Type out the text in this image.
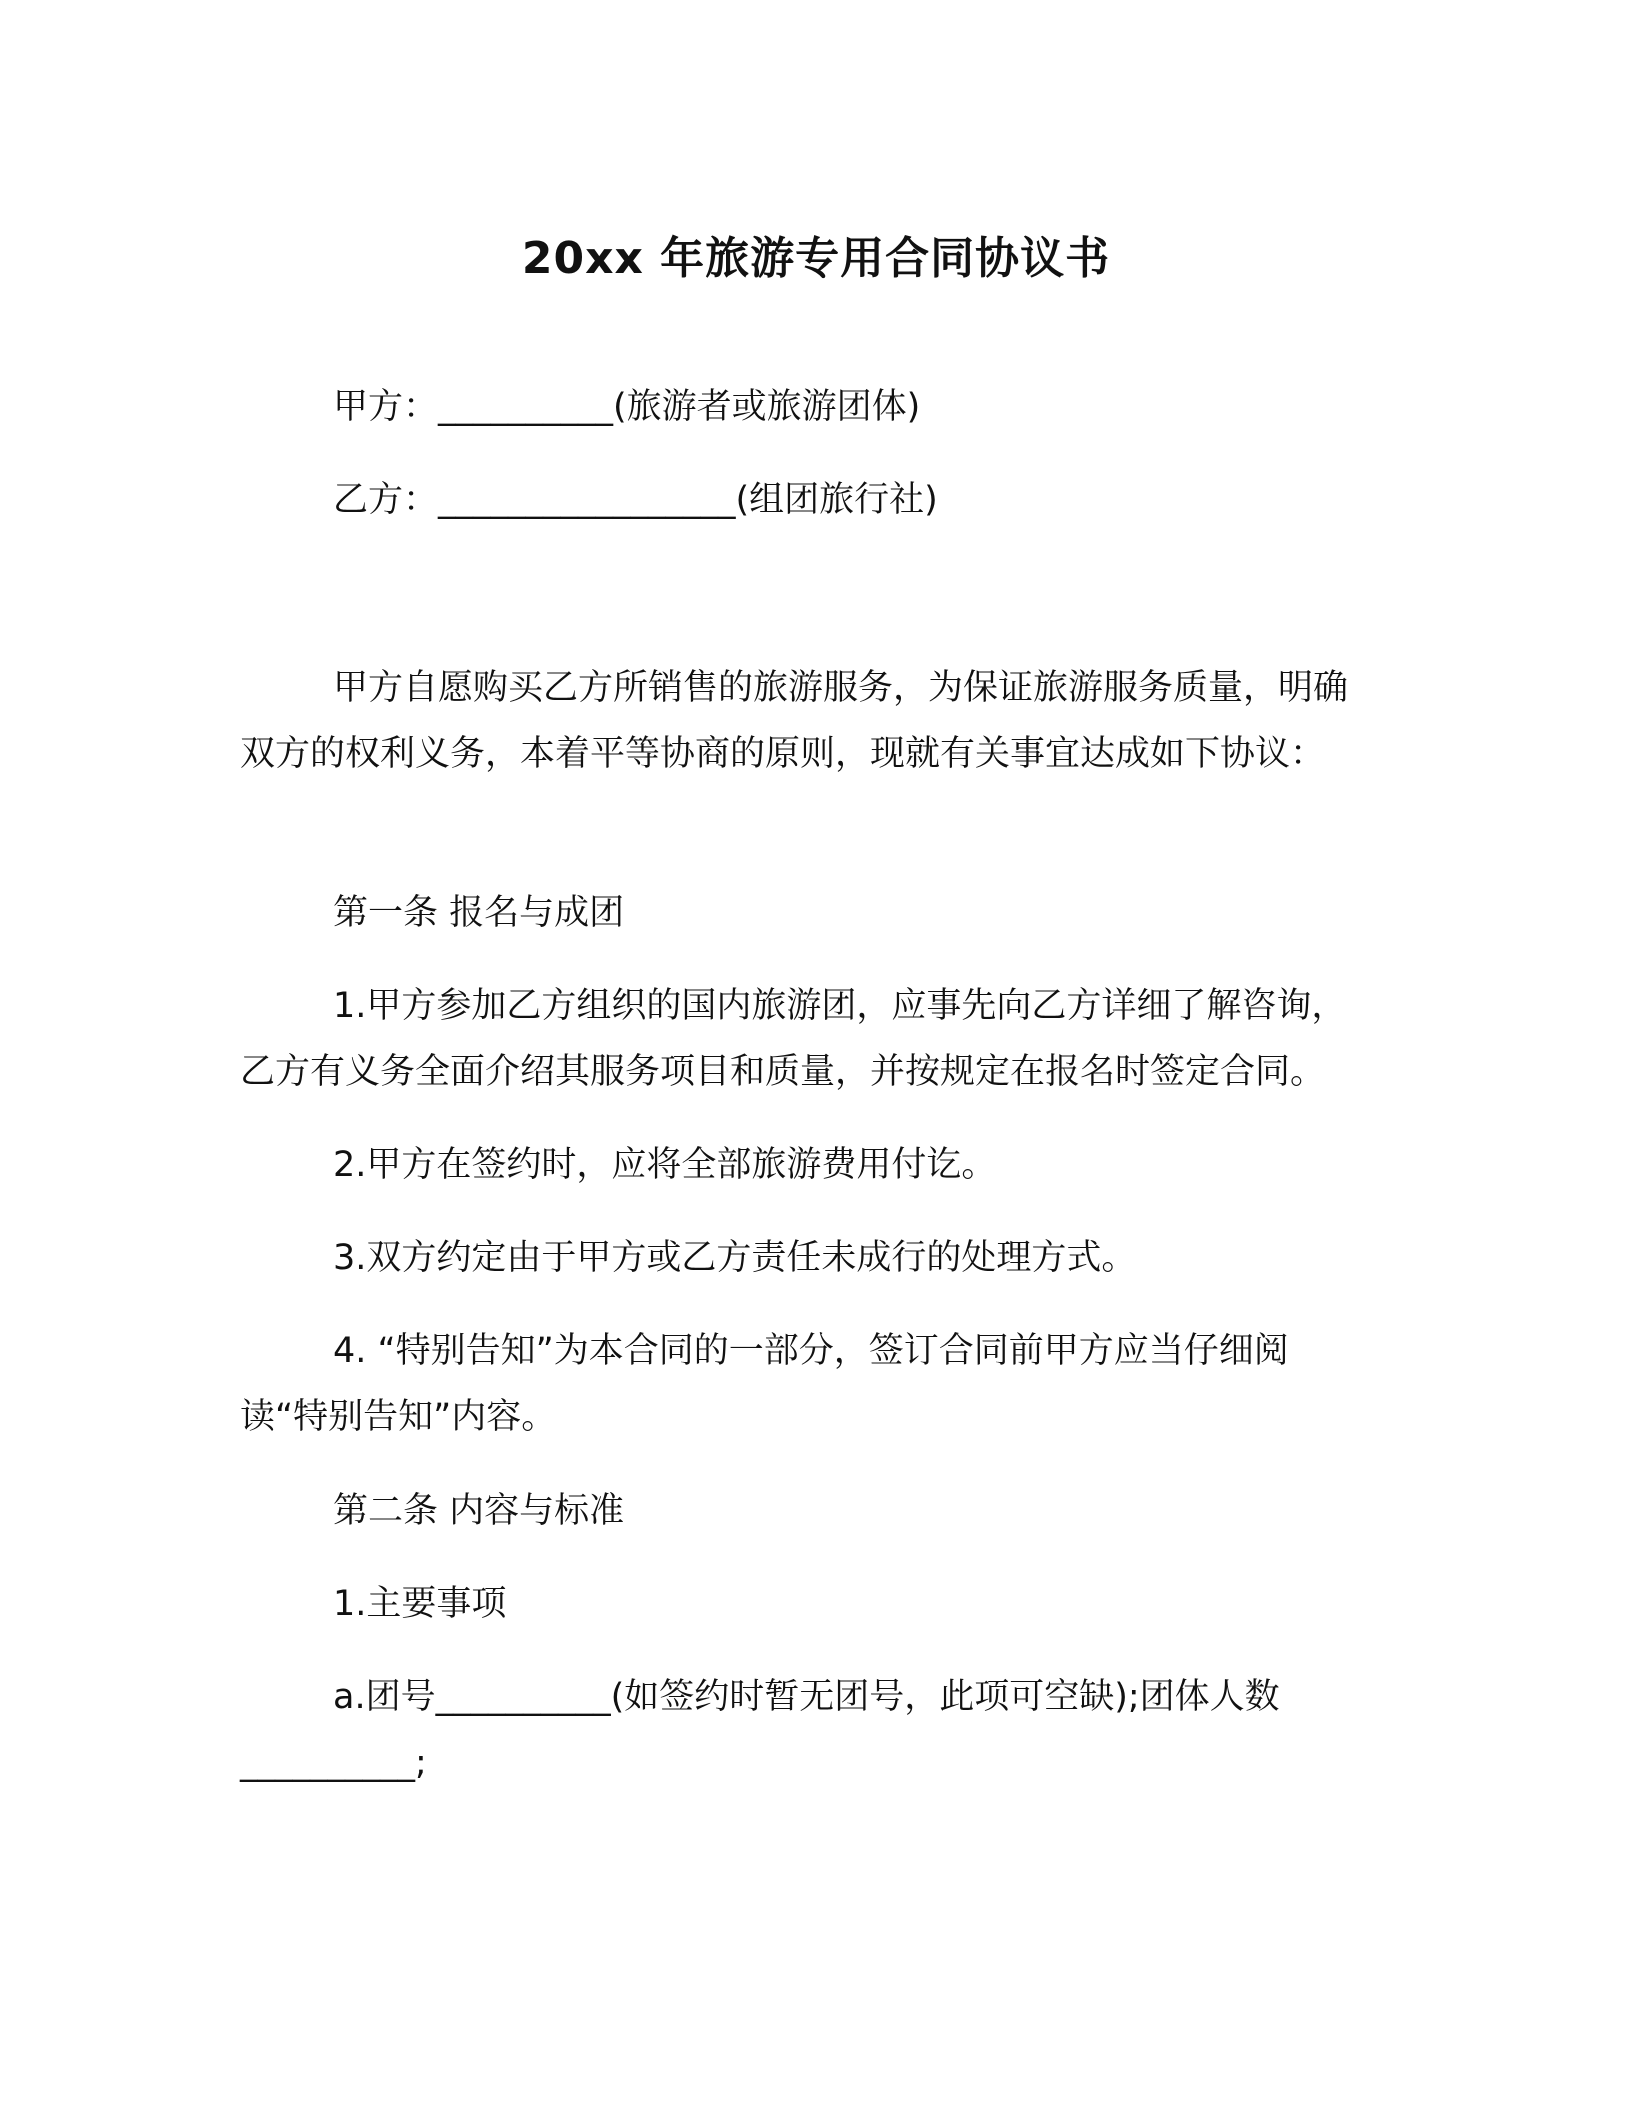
20xx 年旅游专用合同协议书

甲方：__________(旅游者或旅游团体)

乙方：_________________(组团旅行社)

甲方自愿购买乙方所销售的旅游服务，为保证旅游服务质量，明确双方的权利义务，本着平等协商的原则，现就有关事宜达成如下协议：

第一条 报名与成团

1.甲方参加乙方组织的国内旅游团，应事先向乙方详细了解咨询，乙方有义务全面介绍其服务项目和质量，并按规定在报名时签定合同。

2.甲方在签约时，应将全部旅游费用付讫。

3.双方约定由于甲方或乙方责任未成行的处理方式。

4. “特别告知”为本合同的一部分，签订合同前甲方应当仔细阅读“特别告知”内容。

第二条 内容与标准

1.主要事项

a.团号__________(如签约时暂无团号，此项可空缺);团体人数__________;
